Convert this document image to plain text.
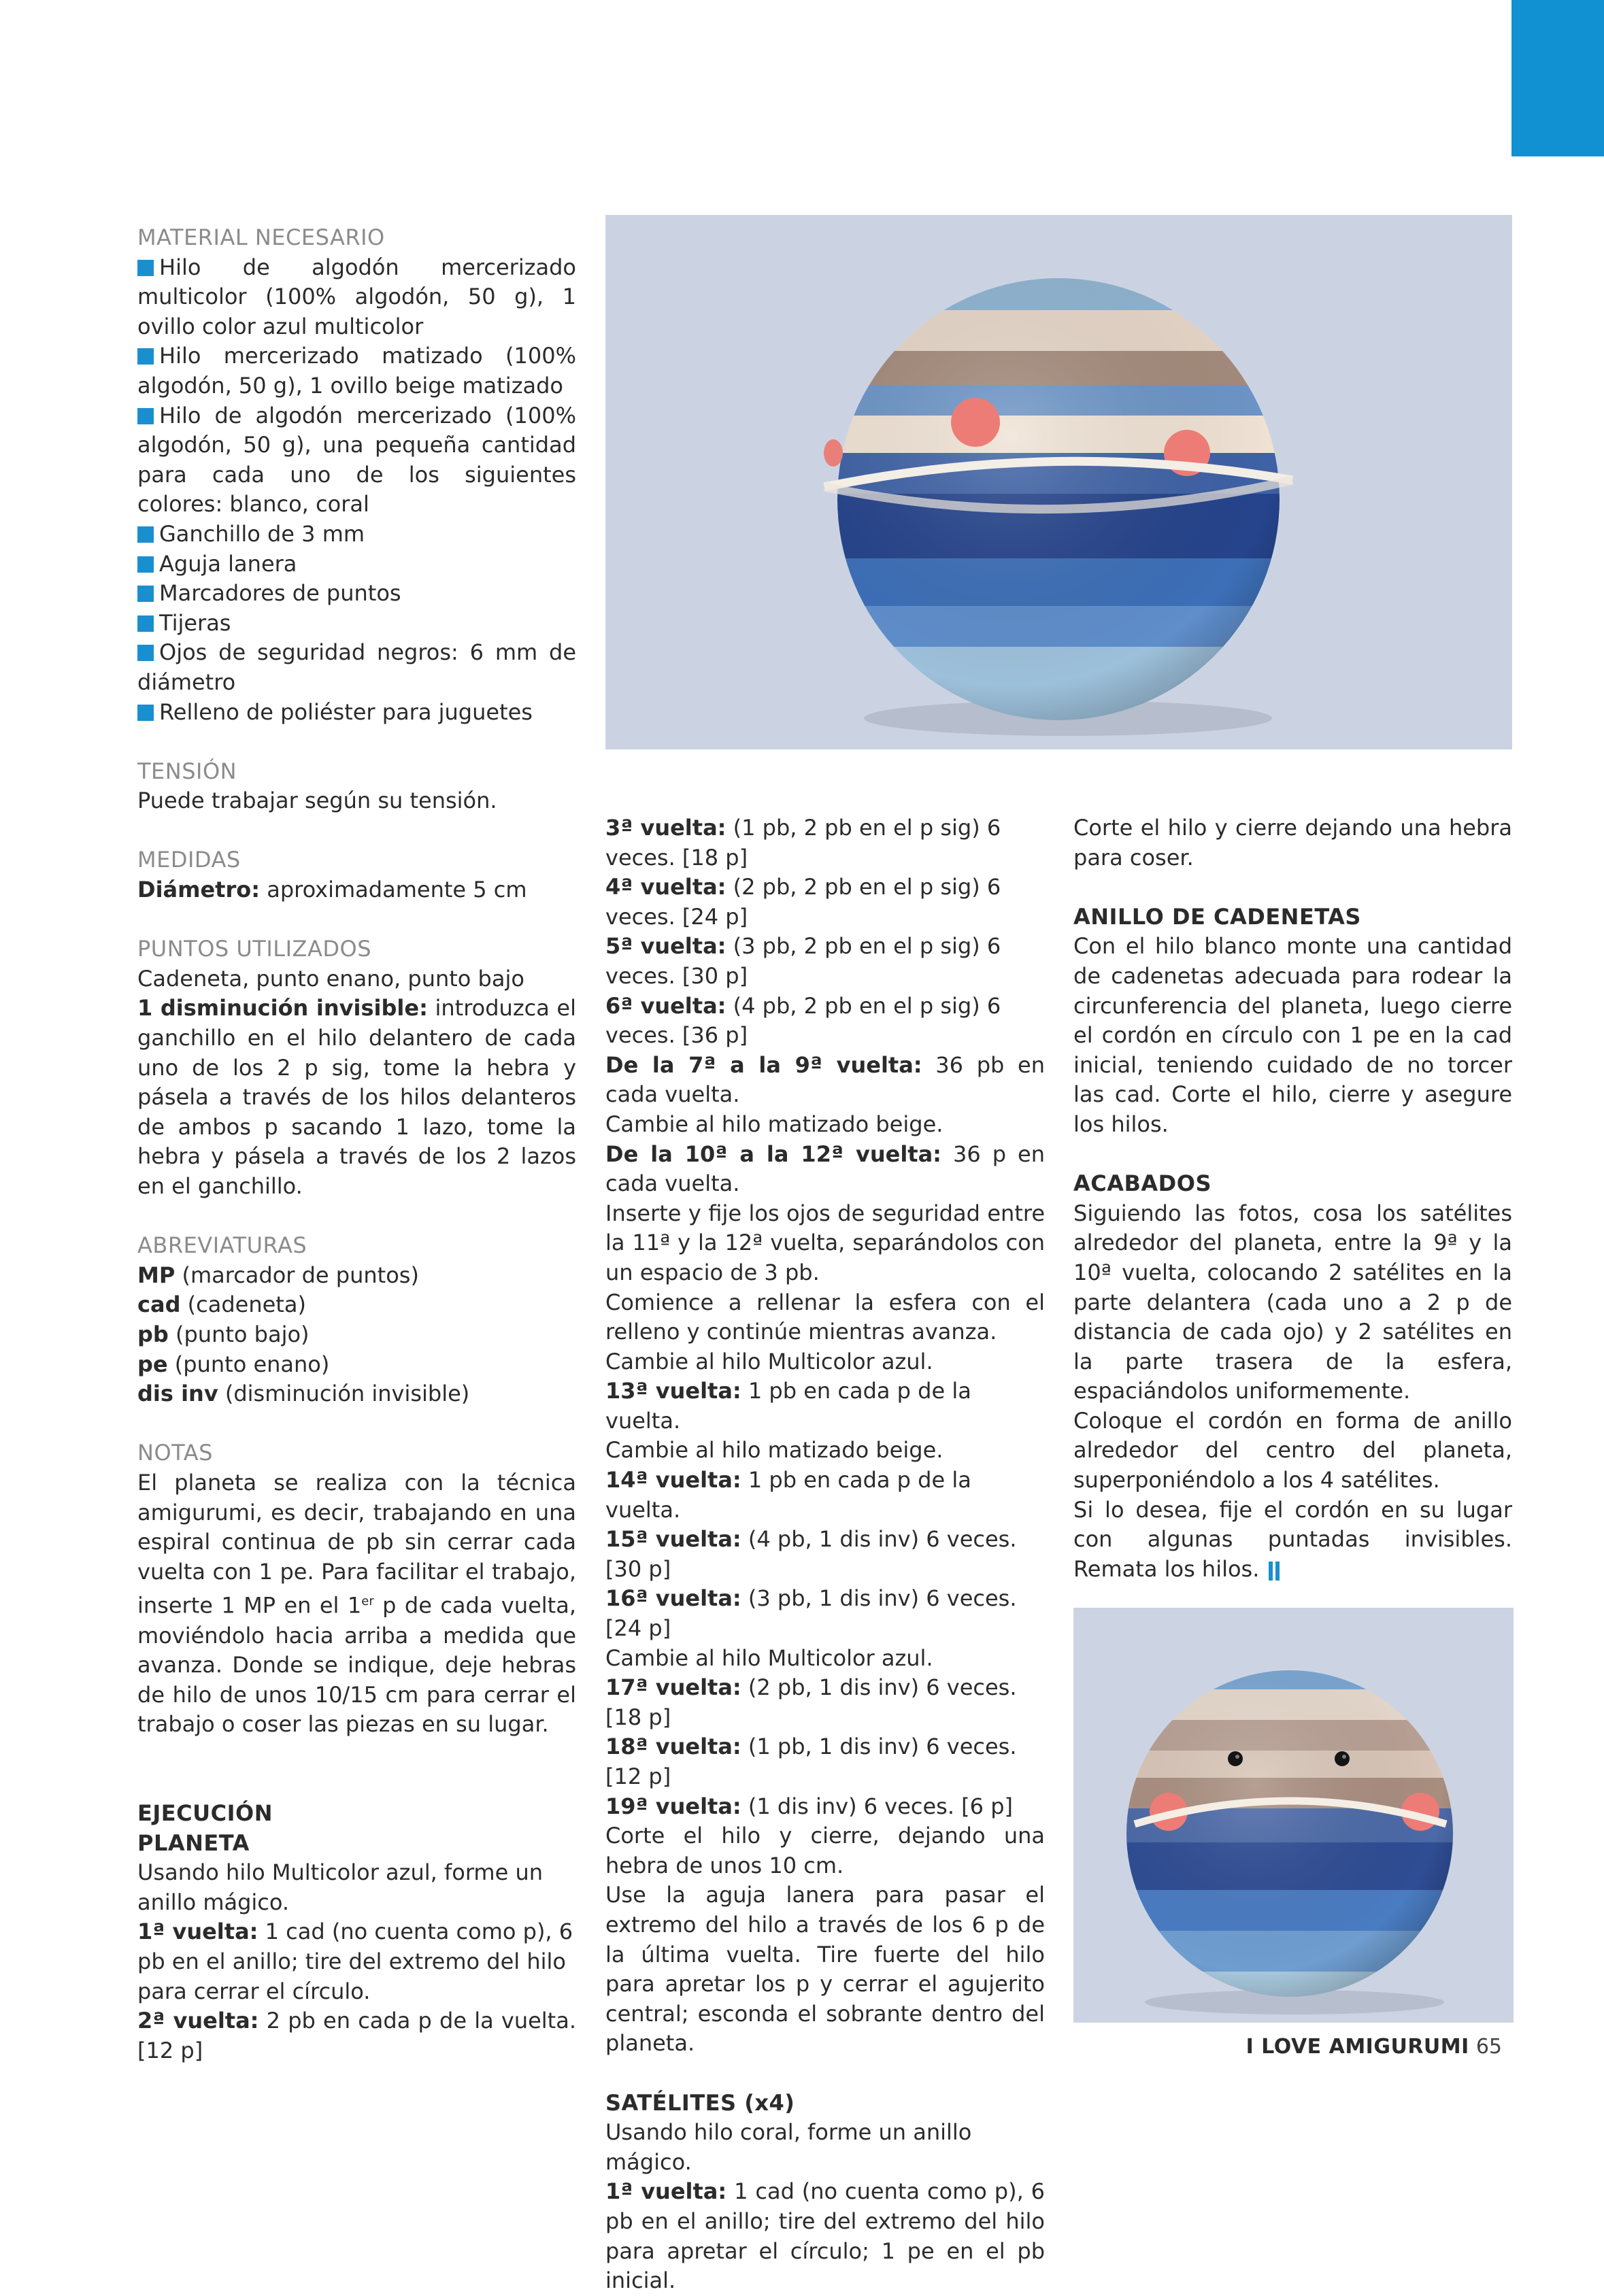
MATERIAL NECESARIO

Hilo de algodón mercerizado multicolor (100% algodón, 50 g), 1 ovillo color azul multicolor

Hilo mercerizado matizado (100% algodón, 50 g), 1 ovillo beige matizado

Hilo de algodón mercerizado (100% algodón, 50 g), una pequeña cantidad para cada uno de los siguientes colores: blanco, coral

Ganchillo de 3 mm

Aguja lanera

Marcadores de puntos

Tijeras

Ojos de seguridad negros: 6 mm de diámetro

Relleno de poliéster para juguetes

TENSIÓN

Puede trabajar según su tensión.

MEDIDAS

Diámetro: aproximadamente 5 cm

PUNTOS UTILIZADOS

Cadeneta, punto enano, punto bajo

1 disminución invisible: introduzca el ganchillo en el hilo delantero de cada uno de los 2 p sig, tome la hebra y pásela a través de los hilos delanteros de ambos p sacando 1 lazo, tome la hebra y pásela a través de los 2 lazos en el ganchillo.

ABREVIATURAS

MP (marcador de puntos)

cad (cadeneta)

pb (punto bajo)

pe (punto enano)

dis inv (disminución invisible)

NOTAS

El planeta se realiza con la técnica amigurumi, es decir, trabajando en una espiral continua de pb sin cerrar cada vuelta con 1 pe. Para facilitar el trabajo, inserte 1 MP en el 1er p de cada vuelta, moviéndolo hacia arriba a medida que avanza. Donde se indique, deje hebras de hilo de unos 10/15 cm para cerrar el trabajo o coser las piezas en su lugar.

EJECUCIÓN

PLANETA

Usando hilo Multicolor azul, forme un anillo mágico.

1ª vuelta: 1 cad (no cuenta como p), 6 pb en el anillo; tire del extremo del hilo para cerrar el círculo.

2ª vuelta: 2 pb en cada p de la vuelta. [12 p]

3ª vuelta: (1 pb, 2 pb en el p sig) 6 veces. [18 p]

4ª vuelta: (2 pb, 2 pb en el p sig) 6 veces. [24 p]

5ª vuelta: (3 pb, 2 pb en el p sig) 6 veces. [30 p]

6ª vuelta: (4 pb, 2 pb en el p sig) 6 veces. [36 p]

De la 7ª a la 9ª vuelta: 36 pb en cada vuelta.

Cambie al hilo matizado beige.

De la 10ª a la 12ª vuelta: 36 p en cada vuelta.

Inserte y fije los ojos de seguridad entre la 11ª y la 12ª vuelta, separándolos con un espacio de 3 pb.

Comience a rellenar la esfera con el relleno y continúe mientras avanza.

Cambie al hilo Multicolor azul.

13ª vuelta: 1 pb en cada p de la vuelta.

Cambie al hilo matizado beige.

14ª vuelta: 1 pb en cada p de la vuelta.

15ª vuelta: (4 pb, 1 dis inv) 6 veces. [30 p]

16ª vuelta: (3 pb, 1 dis inv) 6 veces. [24 p]

Cambie al hilo Multicolor azul.

17ª vuelta: (2 pb, 1 dis inv) 6 veces. [18 p]

18ª vuelta: (1 pb, 1 dis inv) 6 veces. [12 p]

19ª vuelta: (1 dis inv) 6 veces. [6 p]

Corte el hilo y cierre, dejando una hebra de unos 10 cm.

Use la aguja lanera para pasar el extremo del hilo a través de los 6 p de la última vuelta. Tire fuerte del hilo para apretar los p y cerrar el agujerito central; esconda el sobrante dentro del planeta.

SATÉLITES (x4)

Usando hilo coral, forme un anillo mágico.

1ª vuelta: 1 cad (no cuenta como p), 6 pb en el anillo; tire del extremo del hilo para apretar el círculo; 1 pe en el pb inicial.

Corte el hilo y cierre dejando una hebra para coser.

ANILLO DE CADENETAS

Con el hilo blanco monte una cantidad de cadenetas adecuada para rodear la circunferencia del planeta, luego cierre el cordón en círculo con 1 pe en la cad inicial, teniendo cuidado de no torcer las cad. Corte el hilo, cierre y asegure los hilos.

ACABADOS

Siguiendo las fotos, cosa los satélites alrededor del planeta, entre la 9ª y la 10ª vuelta, colocando 2 satélites en la parte delantera (cada uno a 2 p de distancia de cada ojo) y 2 satélites en la parte trasera de la esfera, espaciándolos uniformemente.

Coloque el cordón en forma de anillo alrededor del centro del planeta, superponiéndolo a los 4 satélites.

Si lo desea, fije el cordón en su lugar con algunas puntadas invisibles. Remata los hilos.

I LOVE AMIGURUMI 65
